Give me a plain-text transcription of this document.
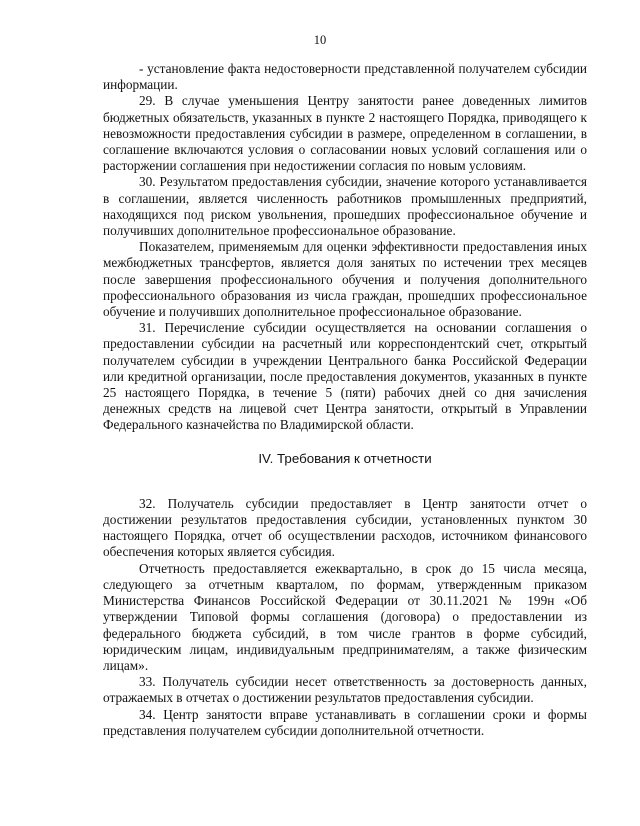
10

- установление факта недостоверности представленной получателем субсидии информации.

29. В случае уменьшения Центру занятости ранее доведенных лимитов бюджетных обязательств, указанных в пункте 2 настоящего Порядка, приводящего к невозможности предоставления субсидии в размере, определенном в соглашении, в соглашение включаются условия о согласовании новых условий соглашения или о расторжении соглашения при недостижении согласия по новым условиям.

30. Результатом предоставления субсидии, значение которого устанавливается в соглашении, является численность работников промышленных предприятий, находящихся под риском увольнения, прошедших профессиональное обучение и получивших дополнительное профессиональное образование.

Показателем, применяемым для оценки эффективности предоставления иных межбюджетных трансфертов, является доля занятых по истечении трех месяцев после завершения профессионального обучения и получения дополнительного профессионального образования из числа граждан, прошедших профессиональное обучение и получивших дополнительное профессиональное образование.

31. Перечисление субсидии осуществляется на основании соглашения о предоставлении субсидии на расчетный или корреспондентский счет, открытый получателем субсидии в учреждении Центрального банка Российской Федерации или кредитной организации, после предоставления документов, указанных в пункте 25 настоящего Порядка, в течение 5 (пяти) рабочих дней со дня зачисления денежных средств на лицевой счет Центра занятости, открытый в Управлении Федерального казначейства по Владимирской области.

IV. Требования к отчетности

32. Получатель субсидии предоставляет в Центр занятости отчет о достижении результатов предоставления субсидии, установленных пунктом 30 настоящего Порядка, отчет об осуществлении расходов, источником финансового обеспечения которых является субсидия.

Отчетность предоставляется ежеквартально, в срок до 15 числа месяца, следующего за отчетным кварталом, по формам, утвержденным приказом Министерства Финансов Российской Федерации от 30.11.2021 № 199н «Об утверждении Типовой формы соглашения (договора) о предоставлении из федерального бюджета субсидий, в том числе грантов в форме субсидий, юридическим лицам, индивидуальным предпринимателям, а также физическим лицам».

33. Получатель субсидии несет ответственность за достоверность данных, отражаемых в отчетах о достижении результатов предоставления субсидии.

34. Центр занятости вправе устанавливать в соглашении сроки и формы представления получателем субсидии дополнительной отчетности.
